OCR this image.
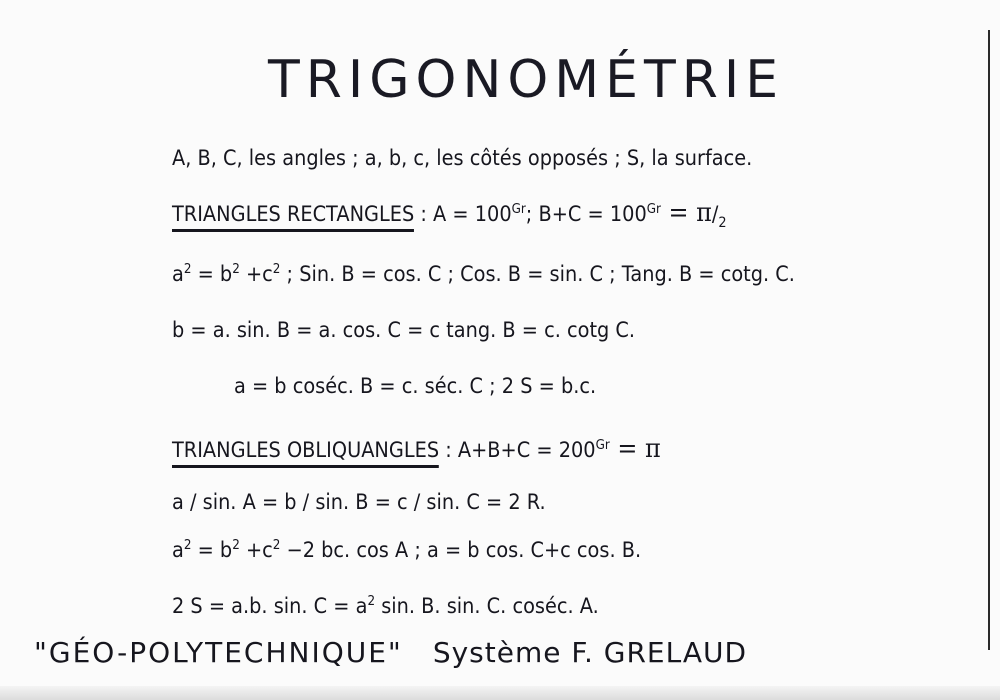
TRIGONOMÉTRIE
A, B, C, les angles ; a, b, c, les côtés opposés ; S, la surface.
TRIANGLES RECTANGLES : $A = 100^{Gr}$; $B+C = 100^{Gr} = \pi/_2$
$a^2 = b^2 +c^2$ ; Sin. B = cos. C ; Cos. B = sin. C ; Tang. B = cotg. C.
b = a. sin. B = a. cos. C = c tang. B = c. cotg C.
a = b coséc. B = c. séc. C ; 2 S = b.c.
TRIANGLES OBLIQUANGLES : $A+B+C = 200^{Gr} = \pi$
a / sin. A = b / sin. B = c / sin. C = 2 R.
$a^2 = b^2 +c^2 -2$ bc. cos A ; a = b cos. C+c cos. B.
2 S = a.b. sin. $C = a^2$ sin. B. sin. C. coséc. A.
"GÉO-POLYTECHNIQUE" Système F. GRELAUD
